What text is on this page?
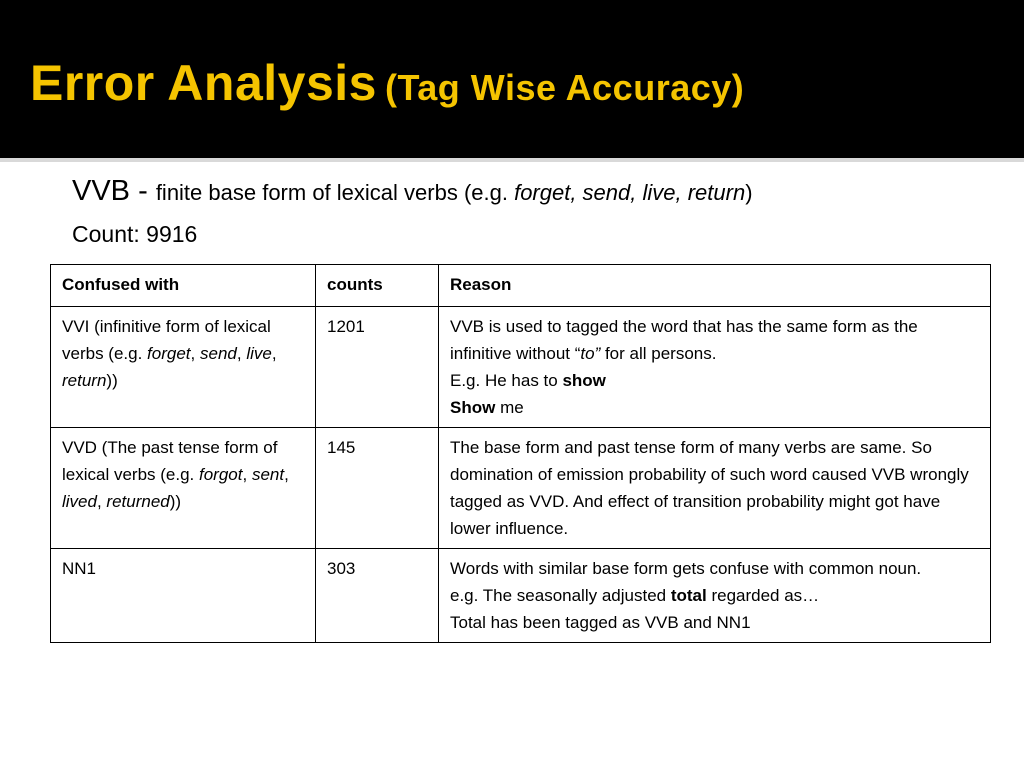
Error Analysis (Tag Wise Accuracy)
VVB - finite base form of lexical verbs (e.g. forget, send, live, return)
Count: 9916
Confused with	counts	Reason
VVI (infinitive form of lexical verbs (e.g. forget, send, live, return))	1201	VVB is used to tagged the word that has the same form as the infinitive without “to” for all persons.
E.g. He has to show
Show me
VVD (The past tense form of lexical verbs (e.g. forgot, sent, lived, returned))	145	The base form and past tense form of many verbs are same. So domination of emission probability of such word caused VVB wrongly tagged as VVD. And effect of transition probability might got have lower influence.
NN1	303	Words with similar base form gets confuse with common noun.
e.g. The seasonally adjusted total regarded as…
Total has been tagged as VVB and NN1
